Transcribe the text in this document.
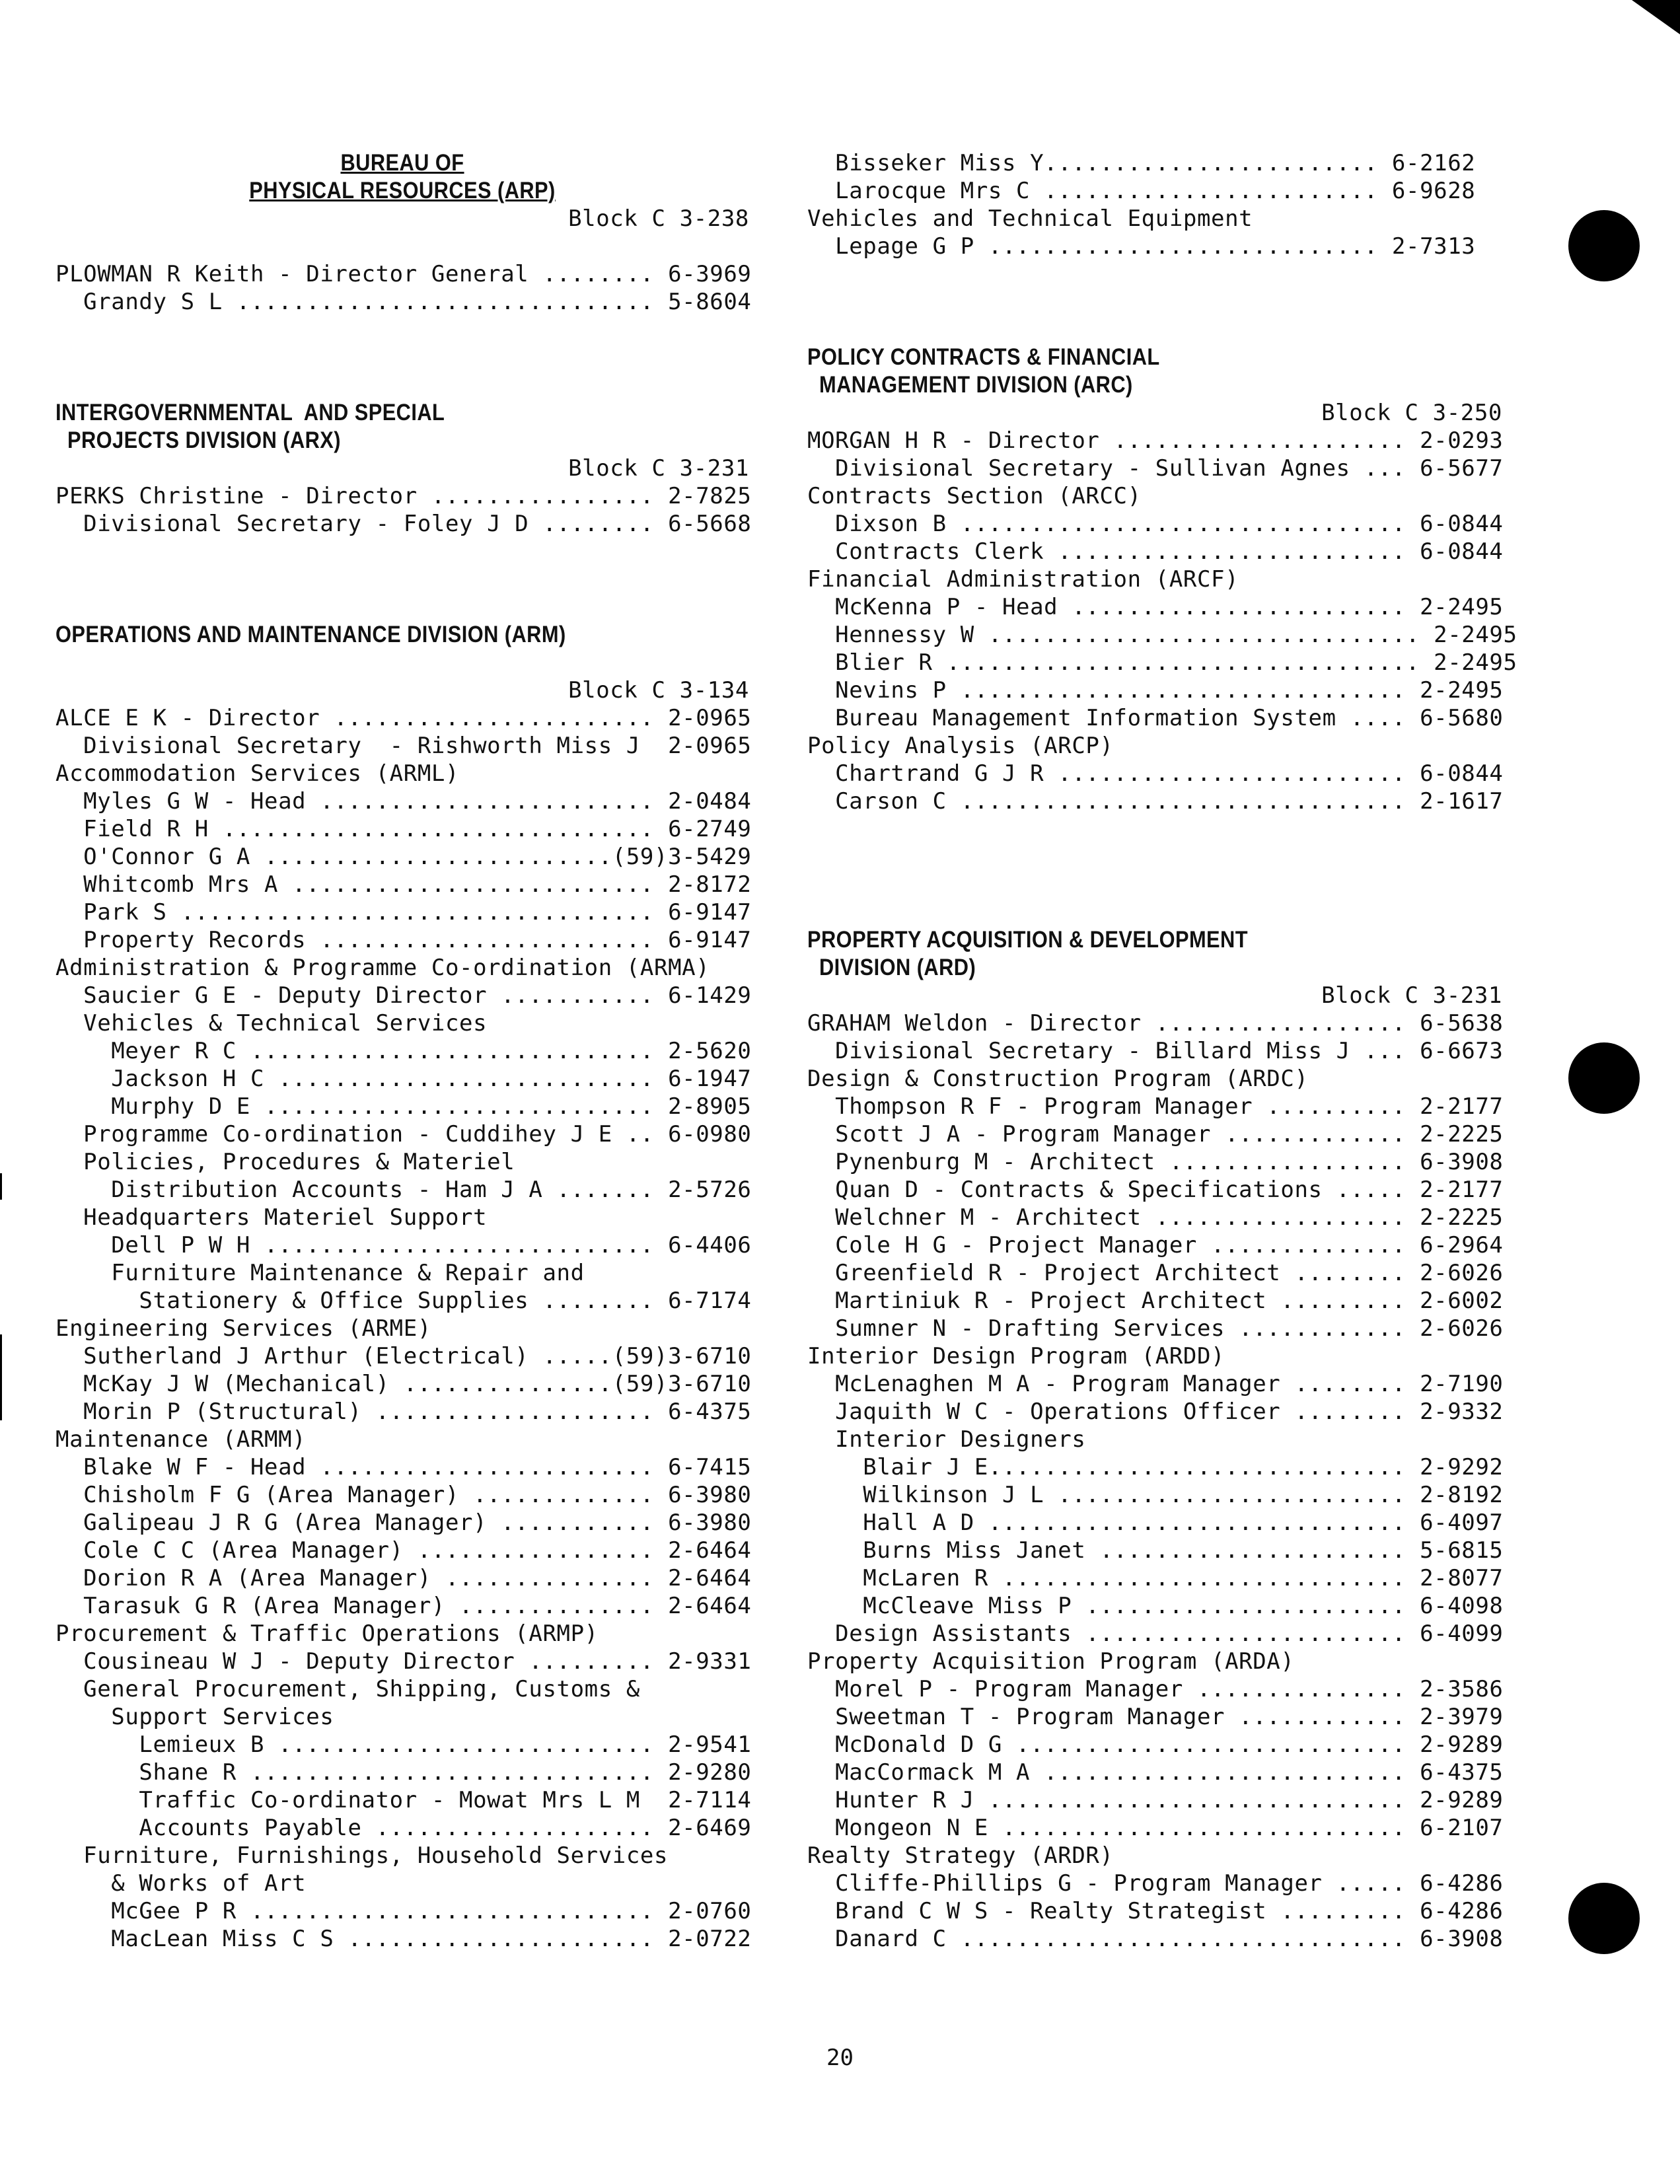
BUREAU OF
PHYSICAL RESOURCES (ARP)
Block C 3-238
PLOWMAN R Keith - Director General ........ 6-3969
Grandy S L .............................. 5-8604
INTERGOVERNMENTAL  AND SPECIAL
PROJECTS DIVISION (ARX)
Block C 3-231
PERKS Christine - Director ................ 2-7825
Divisional Secretary - Foley J D ........ 6-5668
OPERATIONS AND MAINTENANCE DIVISION (ARM)
Block C 3-134
ALCE E K - Director ....................... 2-0965
Divisional Secretary  - Rishworth Miss J  2-0965
Accommodation Services (ARML)
Myles G W - Head ........................ 2-0484
Field R H ............................... 6-2749
O'Connor G A .........................(59)3-5429
Whitcomb Mrs A .......................... 2-8172
Park S .................................. 6-9147
Property Records ........................ 6-9147
Administration & Programme Co-ordination (ARMA)
Saucier G E - Deputy Director ........... 6-1429
Vehicles & Technical Services
Meyer R C ............................. 2-5620
Jackson H C ........................... 6-1947
Murphy D E ............................ 2-8905
Programme Co-ordination - Cuddihey J E .. 6-0980
Policies, Procedures & Materiel
Distribution Accounts - Ham J A ....... 2-5726
Headquarters Materiel Support
Dell P W H ............................ 6-4406
Furniture Maintenance & Repair and
Stationery & Office Supplies ........ 6-7174
Engineering Services (ARME)
Sutherland J Arthur (Electrical) .....(59)3-6710
McKay J W (Mechanical) ...............(59)3-6710
Morin P (Structural) .................... 6-4375
Maintenance (ARMM)
Blake W F - Head ........................ 6-7415
Chisholm F G (Area Manager) ............. 6-3980
Galipeau J R G (Area Manager) ........... 6-3980
Cole C C (Area Manager) ................. 2-6464
Dorion R A (Area Manager) ............... 2-6464
Tarasuk G R (Area Manager) .............. 2-6464
Procurement & Traffic Operations (ARMP)
Cousineau W J - Deputy Director ......... 2-9331
General Procurement, Shipping, Customs &
Support Services
Lemieux B ........................... 2-9541
Shane R ............................. 2-9280
Traffic Co-ordinator - Mowat Mrs L M  2-7114
Accounts Payable .................... 2-6469
Furniture, Furnishings, Household Services
& Works of Art
McGee P R ............................. 2-0760
MacLean Miss C S ...................... 2-0722
Bisseker Miss Y........................ 6-2162
Larocque Mrs C ........................ 6-9628
Vehicles and Technical Equipment
Lepage G P ............................ 2-7313
POLICY CONTRACTS & FINANCIAL
MANAGEMENT DIVISION (ARC)
Block C 3-250
MORGAN H R - Director ..................... 2-0293
Divisional Secretary - Sullivan Agnes ... 6-5677
Contracts Section (ARCC)
Dixson B ................................ 6-0844
Contracts Clerk ......................... 6-0844
Financial Administration (ARCF)
McKenna P - Head ........................ 2-2495
Hennessy W ............................... 2-2495
Blier R .................................. 2-2495
Nevins P ................................ 2-2495
Bureau Management Information System .... 6-5680
Policy Analysis (ARCP)
Chartrand G J R ......................... 6-0844
Carson C ................................ 2-1617
PROPERTY ACQUISITION & DEVELOPMENT
DIVISION (ARD)
Block C 3-231
GRAHAM Weldon - Director .................. 6-5638
Divisional Secretary - Billard Miss J ... 6-6673
Design & Construction Program (ARDC)
Thompson R F - Program Manager .......... 2-2177
Scott J A - Program Manager ............. 2-2225
Pynenburg M - Architect ................. 6-3908
Quan D - Contracts & Specifications ..... 2-2177
Welchner M - Architect .................. 2-2225
Cole H G - Project Manager .............. 6-2964
Greenfield R - Project Architect ........ 2-6026
Martiniuk R - Project Architect ......... 2-6002
Sumner N - Drafting Services ............ 2-6026
Interior Design Program (ARDD)
McLenaghen M A - Program Manager ........ 2-7190
Jaquith W C - Operations Officer ........ 2-9332
Interior Designers
Blair J E.............................. 2-9292
Wilkinson J L ......................... 2-8192
Hall A D .............................. 6-4097
Burns Miss Janet ...................... 5-6815
McLaren R ............................. 2-8077
McCleave Miss P ....................... 6-4098
Design Assistants ....................... 6-4099
Property Acquisition Program (ARDA)
Morel P - Program Manager ............... 2-3586
Sweetman T - Program Manager ............ 2-3979
McDonald D G ............................ 2-9289
MacCormack M A .......................... 6-4375
Hunter R J .............................. 2-9289
Mongeon N E ............................. 6-2107
Realty Strategy (ARDR)
Cliffe-Phillips G - Program Manager ..... 6-4286
Brand C W S - Realty Strategist ......... 6-4286
Danard C ................................ 6-3908
20
